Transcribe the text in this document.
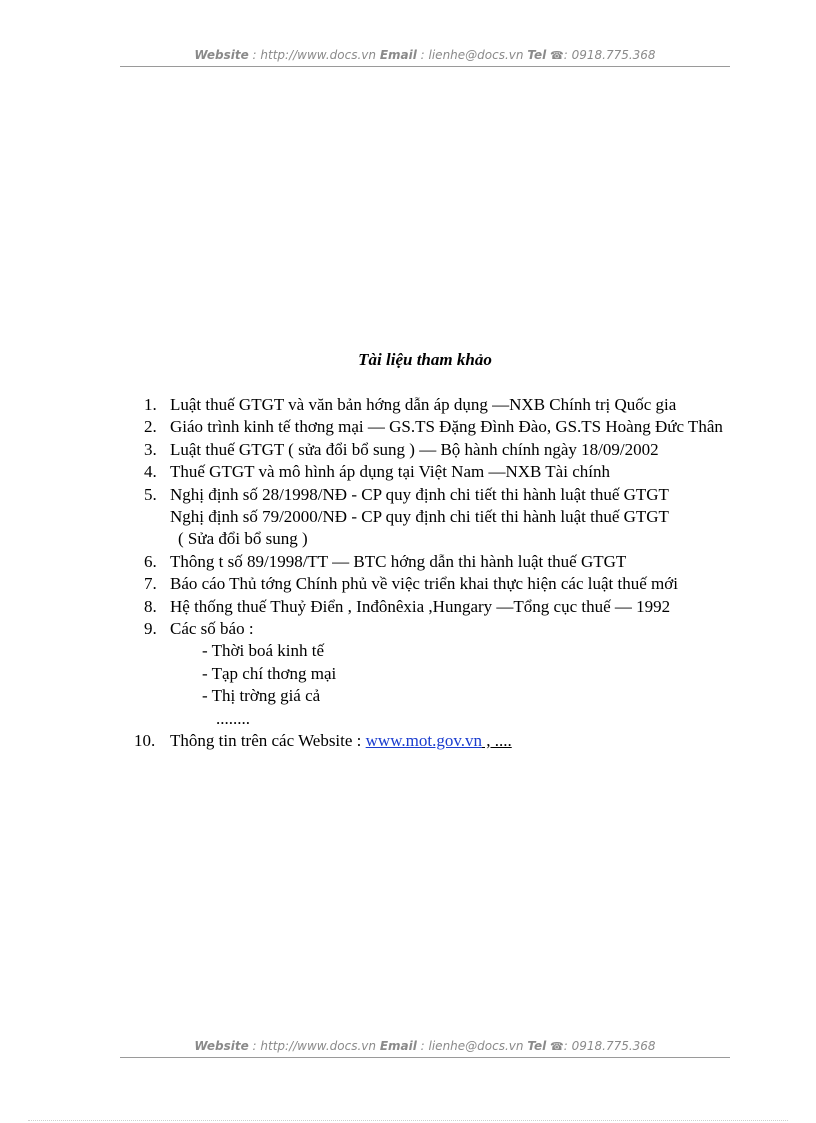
Website : http://www.docs.vn Email : lienhe@docs.vn Tel ☎: 0918.775.368
Tài liệu tham khảo
1. Luật thuế GTGT và văn bản hớng dẫn áp dụng —NXB Chính trị Quốc gia
2. Giáo trình kinh tế thơng mại — GS.TS Đặng Đình Đào, GS.TS Hoàng Đức Thân
3. Luật thuế GTGT ( sửa đổi bổ sung ) — Bộ hành chính ngày 18/09/2002
4. Thuế GTGT và mô hình áp dụng tại Việt Nam —NXB Tài chính
5. Nghị định số 28/1998/NĐ - CP quy định chi tiết thi hành luật thuế GTGT
Nghị định số 79/2000/NĐ - CP quy định chi tiết thi hành luật thuế GTGT
( Sửa đổi bổ sung )
6. Thông t số 89/1998/TT — BTC hớng dẫn thi hành luật thuế GTGT
7. Báo cáo Thủ tớng Chính phủ về việc triển khai thực hiện các luật thuế mới
8. Hệ thống thuế Thuỷ Điển , Inđônêxia ,Hungary —Tổng cục thuế — 1992
9. Các số báo :
- Thời boá kinh tế
- Tạp chí thơng mại
- Thị trờng giá cả
........
10. Thông tin trên các Website : www.mot.gov.vn , ....
Website : http://www.docs.vn Email : lienhe@docs.vn Tel ☎: 0918.775.368
